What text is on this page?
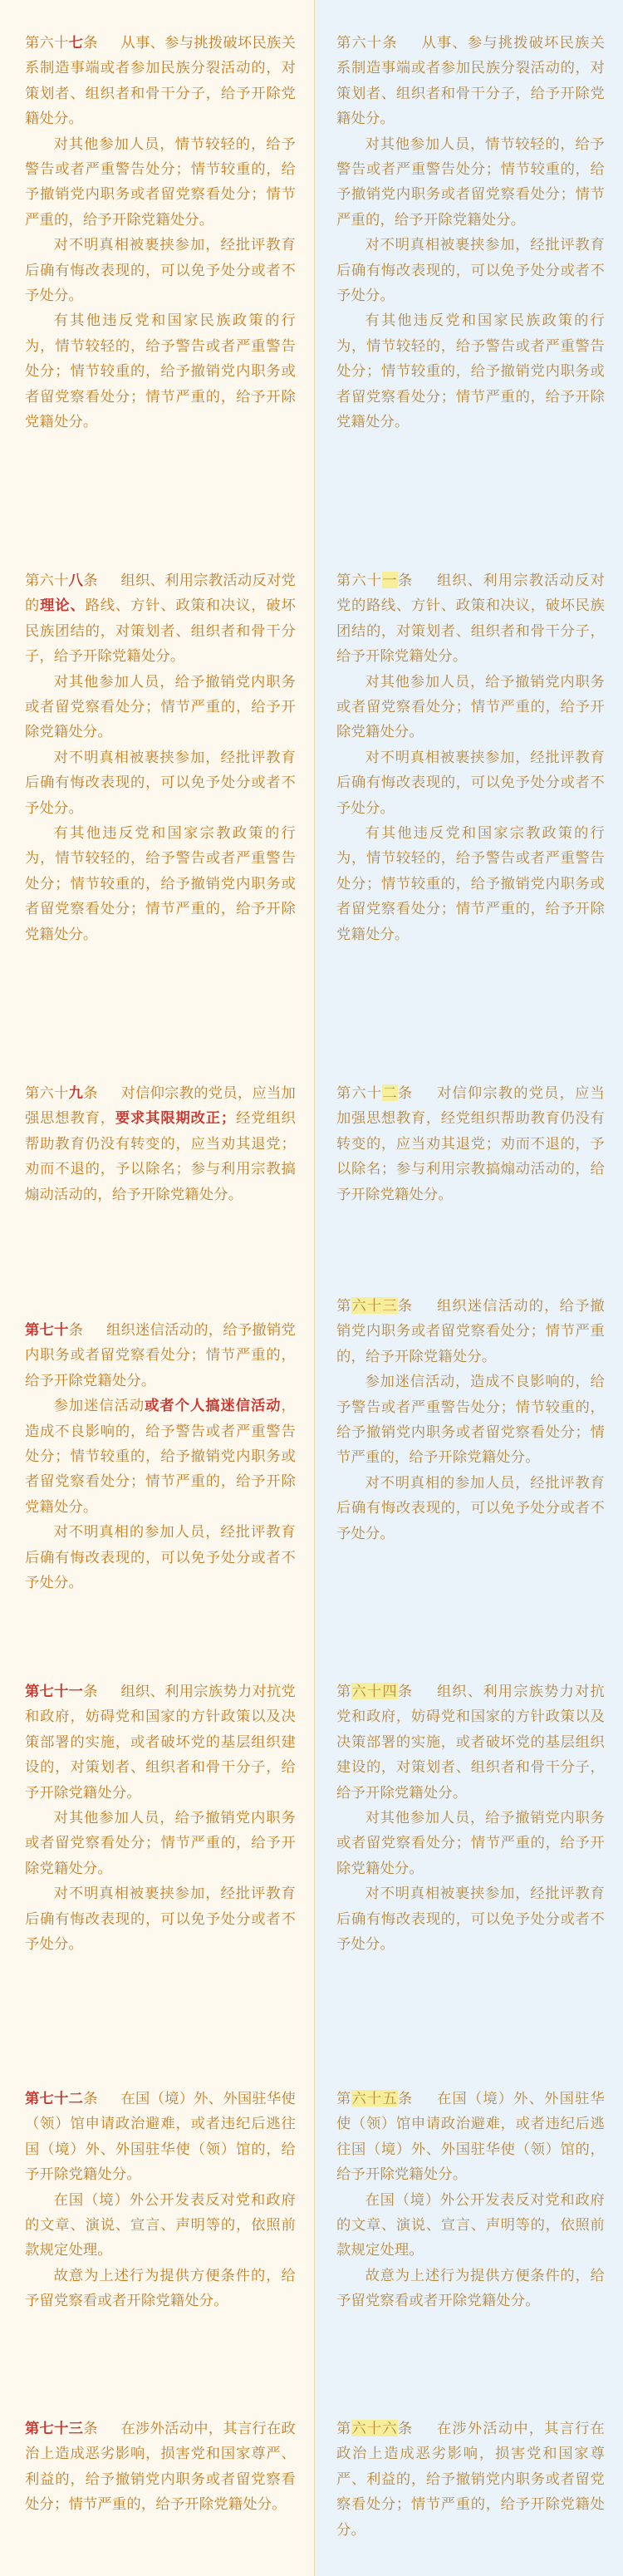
第六十七条 从事、参与挑拨破坏民族关系制造事端或者参加民族分裂活动的，对策划者、组织者和骨干分子，给予开除党籍处分。

对其他参加人员，情节较轻的，给予警告或者严重警告处分；情节较重的，给予撤销党内职务或者留党察看处分；情节严重的，给予开除党籍处分。

对不明真相被裹挟参加，经批评教育后确有悔改表现的，可以免予处分或者不予处分。

有其他违反党和国家民族政策的行为，情节较轻的，给予警告或者严重警告处分；情节较重的，给予撤销党内职务或者留党察看处分；情节严重的，给予开除党籍处分。

第六十八条 组织、利用宗教活动反对党的理论、路线、方针、政策和决议，破坏民族团结的，对策划者、组织者和骨干分子，给予开除党籍处分。

对其他参加人员，给予撤销党内职务或者留党察看处分；情节严重的，给予开除党籍处分。

对不明真相被裹挟参加，经批评教育后确有悔改表现的，可以免予处分或者不予处分。

有其他违反党和国家宗教政策的行为，情节较轻的，给予警告或者严重警告处分；情节较重的，给予撤销党内职务或者留党察看处分；情节严重的，给予开除党籍处分。

第六十九条 对信仰宗教的党员，应当加强思想教育，要求其限期改正；经党组织帮助教育仍没有转变的，应当劝其退党；劝而不退的，予以除名；参与利用宗教搞煽动活动的，给予开除党籍处分。

第七十条 组织迷信活动的，给予撤销党内职务或者留党察看处分；情节严重的，给予开除党籍处分。

参加迷信活动或者个人搞迷信活动，造成不良影响的，给予警告或者严重警告处分；情节较重的，给予撤销党内职务或者留党察看处分；情节严重的，给予开除党籍处分。

对不明真相的参加人员，经批评教育后确有悔改表现的，可以免予处分或者不予处分。

第七十一条 组织、利用宗族势力对抗党和政府，妨碍党和国家的方针政策以及决策部署的实施，或者破坏党的基层组织建设的，对策划者、组织者和骨干分子，给予开除党籍处分。

对其他参加人员，给予撤销党内职务或者留党察看处分；情节严重的，给予开除党籍处分。

对不明真相被裹挟参加，经批评教育后确有悔改表现的，可以免予处分或者不予处分。

第七十二条 在国（境）外、外国驻华使（领）馆申请政治避难，或者违纪后逃往国（境）外、外国驻华使（领）馆的，给予开除党籍处分。

在国（境）外公开发表反对党和政府的文章、演说、宣言、声明等的，依照前款规定处理。

故意为上述行为提供方便条件的，给予留党察看或者开除党籍处分。

第七十三条 在涉外活动中，其言行在政治上造成恶劣影响，损害党和国家尊严、利益的，给予撤销党内职务或者留党察看处分；情节严重的，给予开除党籍处分。

第六十条 从事、参与挑拨破坏民族关系制造事端或者参加民族分裂活动的，对策划者、组织者和骨干分子，给予开除党籍处分。

对其他参加人员，情节较轻的，给予警告或者严重警告处分；情节较重的，给予撤销党内职务或者留党察看处分；情节严重的，给予开除党籍处分。

对不明真相被裹挟参加，经批评教育后确有悔改表现的，可以免予处分或者不予处分。

有其他违反党和国家民族政策的行为，情节较轻的，给予警告或者严重警告处分；情节较重的，给予撤销党内职务或者留党察看处分；情节严重的，给予开除党籍处分。

第六十一条 组织、利用宗教活动反对党的路线、方针、政策和决议，破坏民族团结的，对策划者、组织者和骨干分子，给予开除党籍处分。

对其他参加人员，给予撤销党内职务或者留党察看处分；情节严重的，给予开除党籍处分。

对不明真相被裹挟参加，经批评教育后确有悔改表现的，可以免予处分或者不予处分。

有其他违反党和国家宗教政策的行为，情节较轻的，给予警告或者严重警告处分；情节较重的，给予撤销党内职务或者留党察看处分；情节严重的，给予开除党籍处分。

第六十二条 对信仰宗教的党员，应当加强思想教育，经党组织帮助教育仍没有转变的，应当劝其退党；劝而不退的，予以除名；参与利用宗教搞煽动活动的，给予开除党籍处分。

第六十三条 组织迷信活动的，给予撤销党内职务或者留党察看处分；情节严重的，给予开除党籍处分。

参加迷信活动，造成不良影响的，给予警告或者严重警告处分；情节较重的，给予撤销党内职务或者留党察看处分；情节严重的，给予开除党籍处分。

对不明真相的参加人员，经批评教育后确有悔改表现的，可以免予处分或者不予处分。

第六十四条 组织、利用宗族势力对抗党和政府，妨碍党和国家的方针政策以及决策部署的实施，或者破坏党的基层组织建设的，对策划者、组织者和骨干分子，给予开除党籍处分。

对其他参加人员，给予撤销党内职务或者留党察看处分；情节严重的，给予开除党籍处分。

对不明真相被裹挟参加，经批评教育后确有悔改表现的，可以免予处分或者不予处分。

第六十五条 在国（境）外、外国驻华使（领）馆申请政治避难，或者违纪后逃往国（境）外、外国驻华使（领）馆的，给予开除党籍处分。

在国（境）外公开发表反对党和政府的文章、演说、宣言、声明等的，依照前款规定处理。

故意为上述行为提供方便条件的，给予留党察看或者开除党籍处分。

第六十六条 在涉外活动中，其言行在政治上造成恶劣影响，损害党和国家尊严、利益的，给予撤销党内职务或者留党察看处分；情节严重的，给予开除党籍处分。
